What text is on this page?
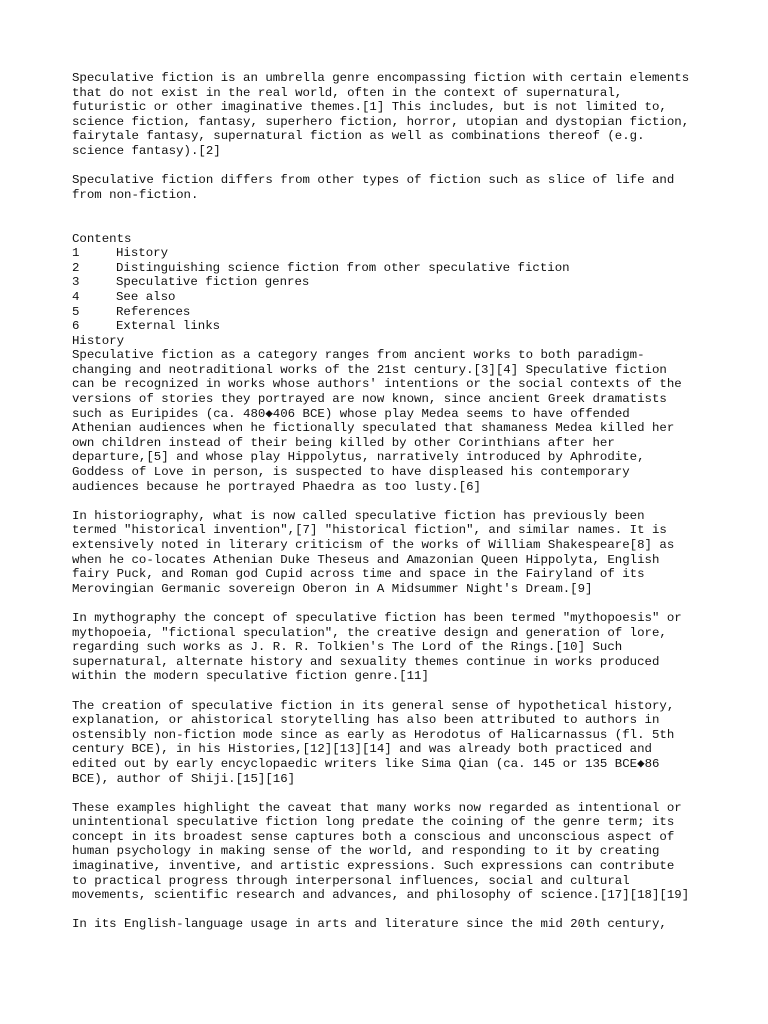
Speculative fiction is an umbrella genre encompassing fiction with certain elements
that do not exist in the real world, often in the context of supernatural,
futuristic or other imaginative themes.[1] This includes, but is not limited to,
science fiction, fantasy, superhero fiction, horror, utopian and dystopian fiction,
fairytale fantasy, supernatural fiction as well as combinations thereof (e.g.
science fantasy).[2]
Speculative fiction differs from other types of fiction such as slice of life and
from non-fiction.
Contents
1	History
2	Distinguishing science fiction from other speculative fiction
3	Speculative fiction genres
4	See also
5	References
6	External links
History
Speculative fiction as a category ranges from ancient works to both paradigm-
changing and neotraditional works of the 21st century.[3][4] Speculative fiction
can be recognized in works whose authors' intentions or the social contexts of the
versions of stories they portrayed are now known, since ancient Greek dramatists
such as Euripides (ca. 480◆406 BCE) whose play Medea seems to have offended
Athenian audiences when he fictionally speculated that shamaness Medea killed her
own children instead of their being killed by other Corinthians after her
departure,[5] and whose play Hippolytus, narratively introduced by Aphrodite,
Goddess of Love in person, is suspected to have displeased his contemporary
audiences because he portrayed Phaedra as too lusty.[6]
In historiography, what is now called speculative fiction has previously been
termed "historical invention",[7] "historical fiction", and similar names. It is
extensively noted in literary criticism of the works of William Shakespeare[8] as
when he co-locates Athenian Duke Theseus and Amazonian Queen Hippolyta, English
fairy Puck, and Roman god Cupid across time and space in the Fairyland of its
Merovingian Germanic sovereign Oberon in A Midsummer Night's Dream.[9]
In mythography the concept of speculative fiction has been termed "mythopoesis" or
mythopoeia, "fictional speculation", the creative design and generation of lore,
regarding such works as J. R. R. Tolkien's The Lord of the Rings.[10] Such
supernatural, alternate history and sexuality themes continue in works produced
within the modern speculative fiction genre.[11]
The creation of speculative fiction in its general sense of hypothetical history,
explanation, or ahistorical storytelling has also been attributed to authors in
ostensibly non-fiction mode since as early as Herodotus of Halicarnassus (fl. 5th
century BCE), in his Histories,[12][13][14] and was already both practiced and
edited out by early encyclopaedic writers like Sima Qian (ca. 145 or 135 BCE◆86
BCE), author of Shiji.[15][16]
These examples highlight the caveat that many works now regarded as intentional or
unintentional speculative fiction long predate the coining of the genre term; its
concept in its broadest sense captures both a conscious and unconscious aspect of
human psychology in making sense of the world, and responding to it by creating
imaginative, inventive, and artistic expressions. Such expressions can contribute
to practical progress through interpersonal influences, social and cultural
movements, scientific research and advances, and philosophy of science.[17][18][19]
In its English-language usage in arts and literature since the mid 20th century,
